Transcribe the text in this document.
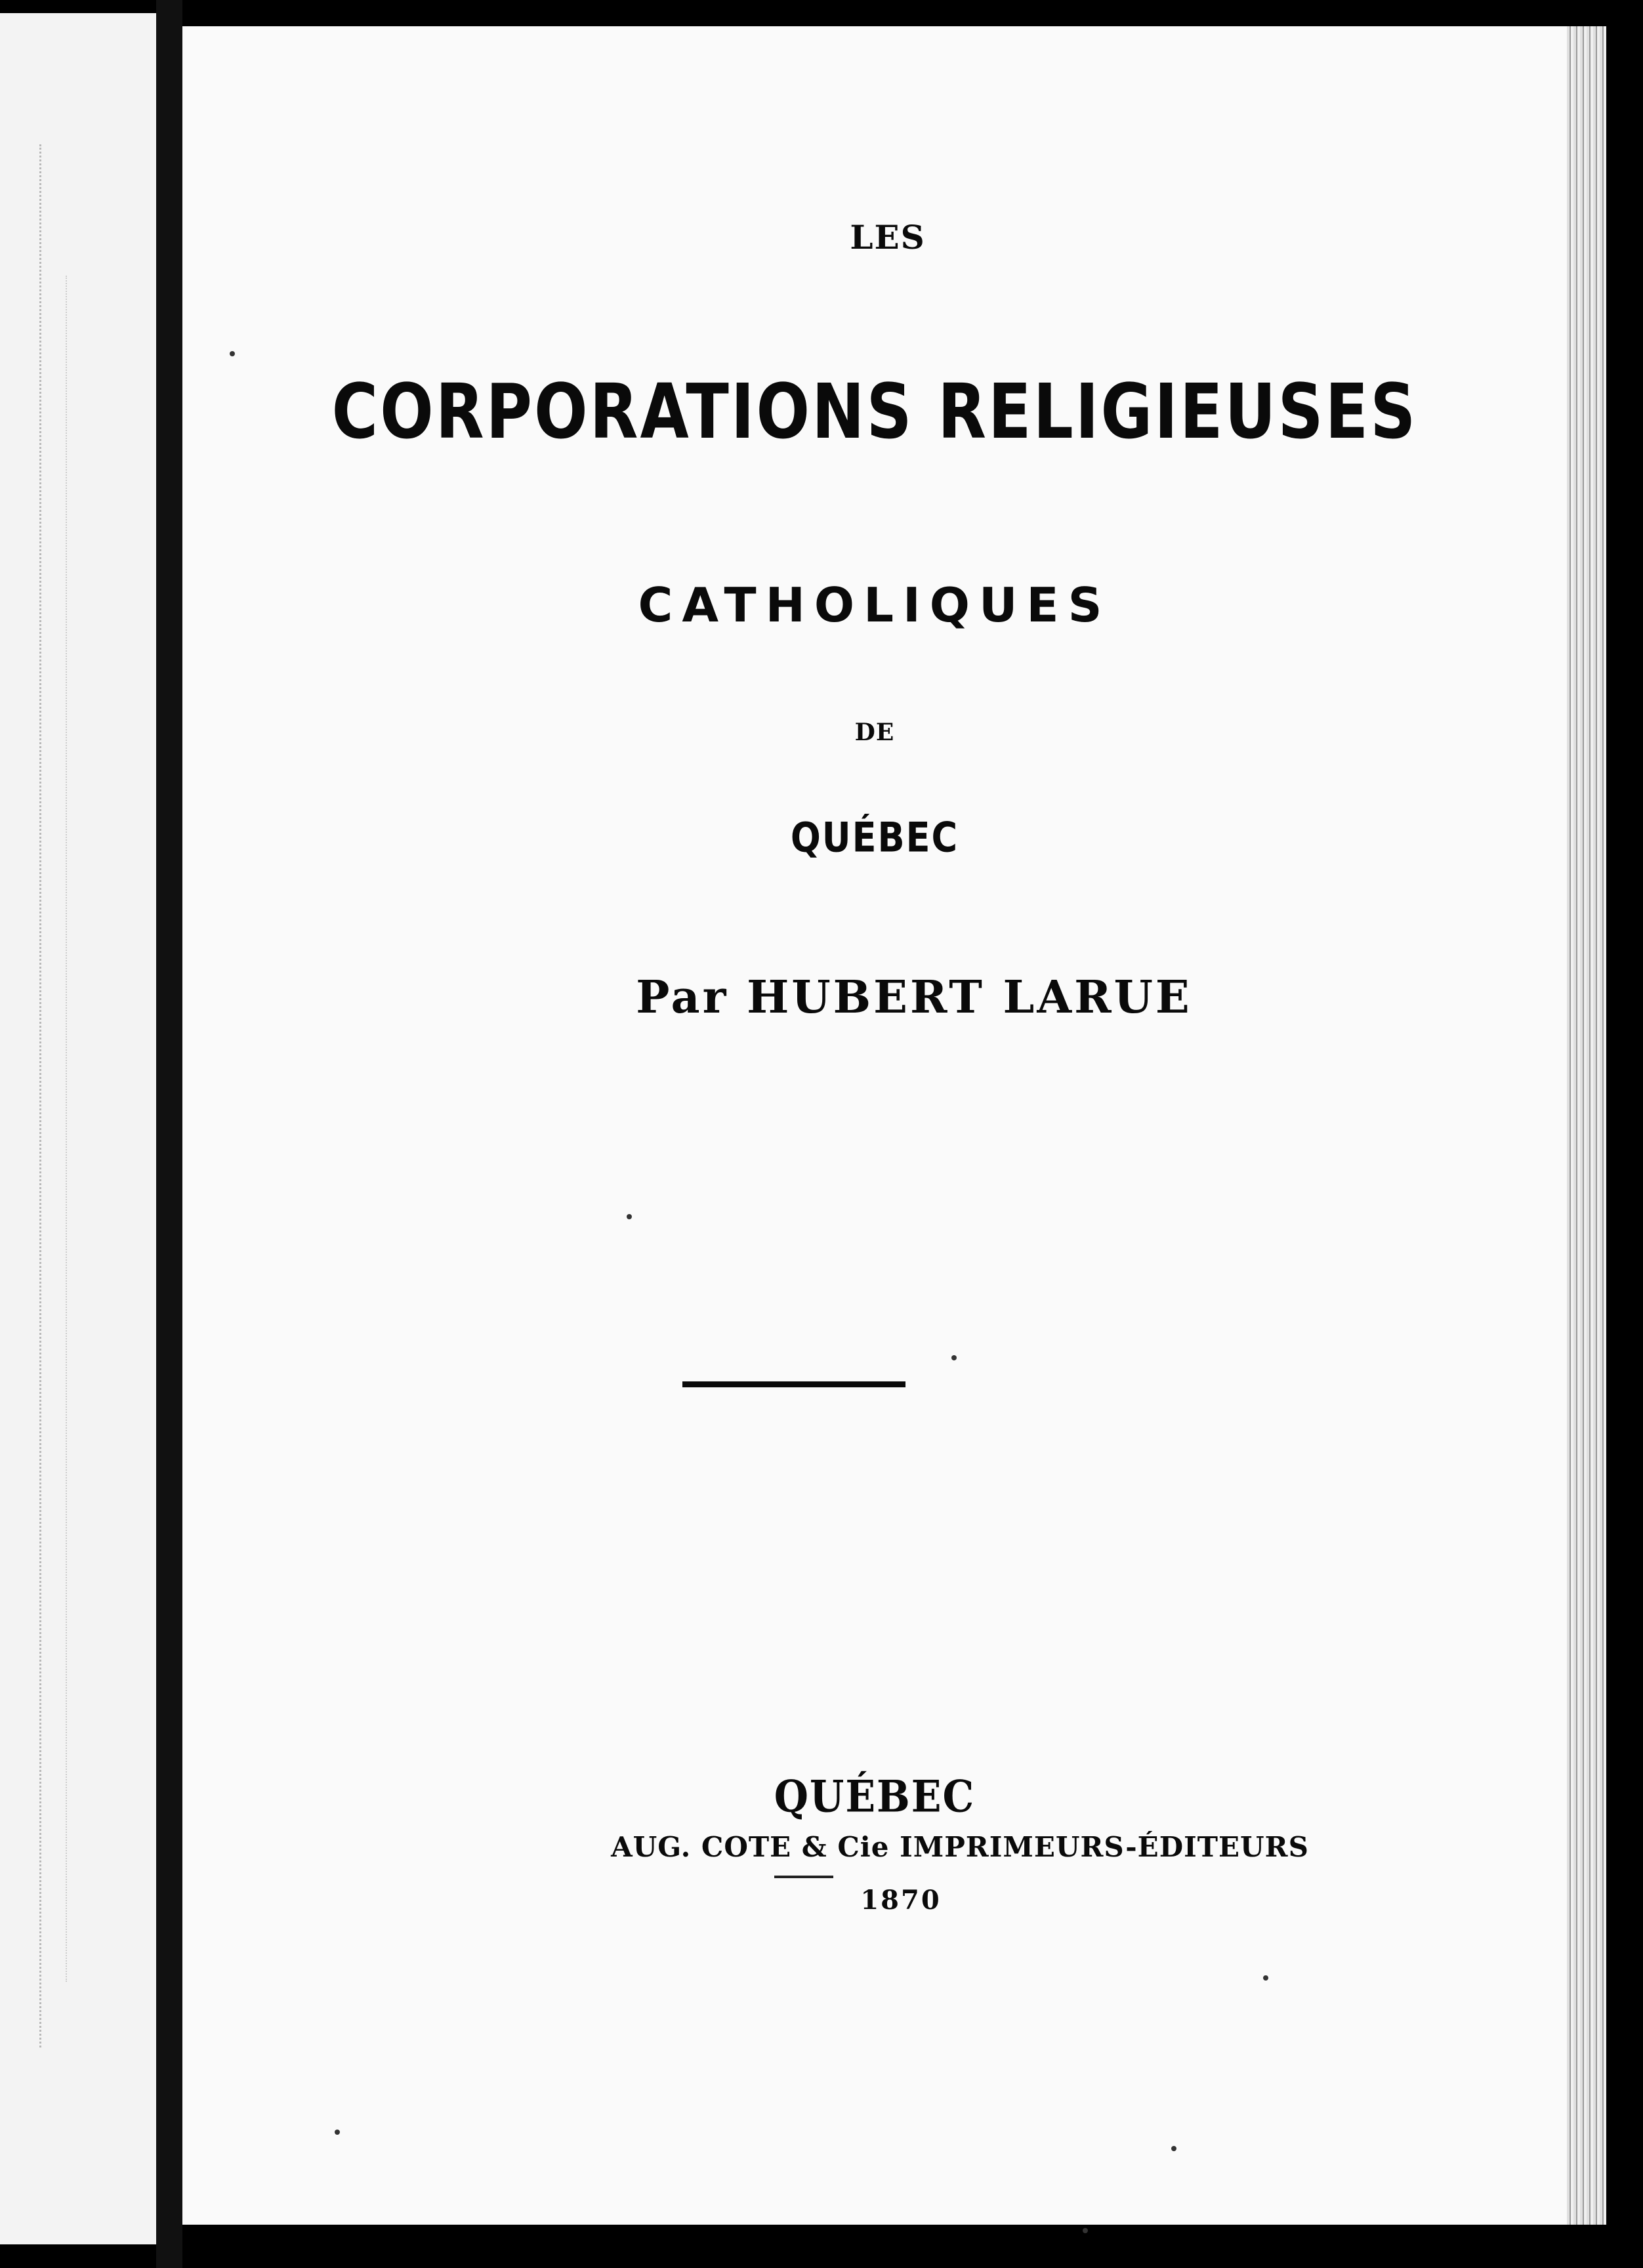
LES

CORPORATIONS RELIGIEUSES

CATHOLIQUES

DE

QUÉBEC

Par HUBERT LARUE

QUÉBEC

AUG. COTE & Cie IMPRIMEURS-ÉDITEURS

1870
